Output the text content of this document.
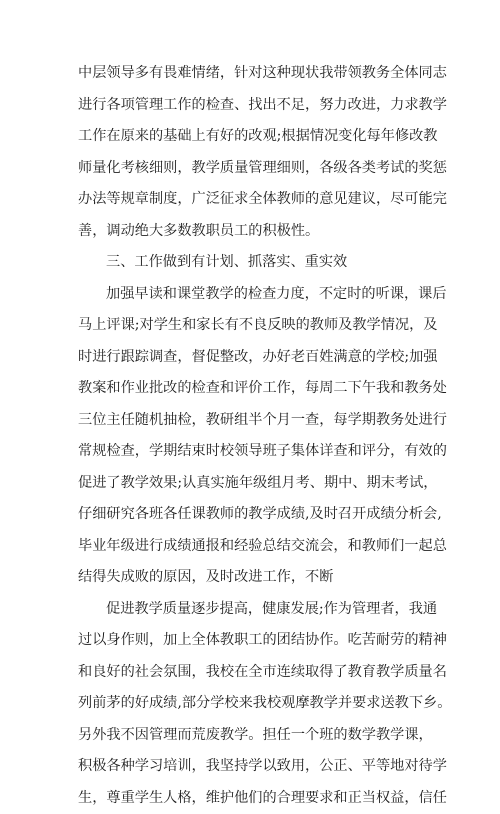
中层领导多有畏难情绪，针对这种现状我带领教务全体同志
进行各项管理工作的检查、找出不足，努力改进，力求教学
工作在原来的基础上有好的改观;根据情况变化每年修改教
师量化考核细则，教学质量管理细则，各级各类考试的奖惩
办法等规章制度，广泛征求全体教师的意见建议，尽可能完
善，调动绝大多数教职员工的积极性。
三、工作做到有计划、抓落实、重实效
加强早读和课堂教学的检查力度，不定时的听课，课后
马上评课;对学生和家长有不良反映的教师及教学情况，及
时进行跟踪调查，督促整改，办好老百姓满意的学校;加强
教案和作业批改的检查和评价工作，每周二下午我和教务处
三位主任随机抽检，教研组半个月一查，每学期教务处进行
常规检查，学期结束时校领导班子集体详查和评分，有效的
促进了教学效果;认真实施年级组月考、期中、期末考试，
仔细研究各班各任课教师的教学成绩,及时召开成绩分析会,
毕业年级进行成绩通报和经验总结交流会，和教师们一起总
结得失成败的原因，及时改进工作，不断
促进教学质量逐步提高，健康发展;作为管理者，我通
过以身作则，加上全体教职工的团结协作。吃苦耐劳的精神
和良好的社会氛围，我校在全市连续取得了教育教学质量名
列前茅的好成绩,部分学校来我校观摩教学并要求送教下乡。
另外我不因管理而荒废教学。担任一个班的数学教学课，
积极各种学习培训，我坚持学以致用，公正、平等地对待学
生，尊重学生人格，维护他们的合理要求和正当权益，信任
